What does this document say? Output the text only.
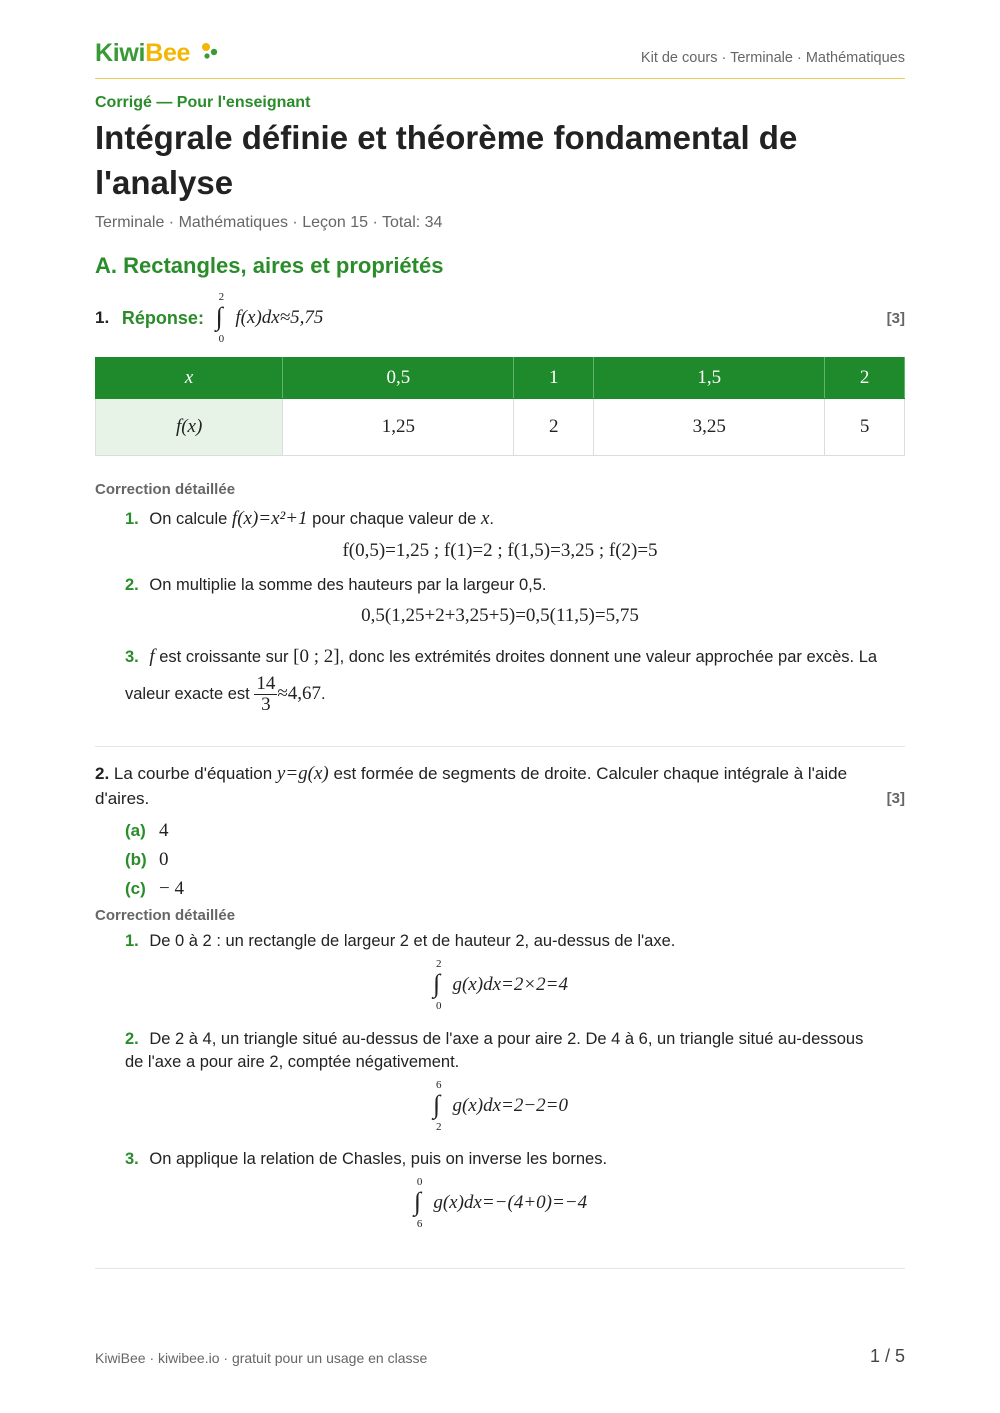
KiwiBee	Kit de cours · Terminale · Mathématiques
Corrigé — Pour l'enseignant
Intégrale définie et théorème fondamental de l'analyse
Terminale · Mathématiques · Leçon 15 · Total: 34
A. Rectangles, aires et propriétés
1. Réponse:
2
∫
0
f(x)dx≈5,75	[3]
x	0,5	1	1,5	2
f(x)	1,25	2	3,25	5
Correction détaillée
1. On calcule f(x)=x²+1 pour chaque valeur de x.
f(0,5)=1,25 ; f(1)=2 ; f(1,5)=3,25 ; f(2)=5
2. On multiplie la somme des hauteurs par la largeur 0,5.
0,5(1,25+2+3,25+5)=0,5(11,5)=5,75
3. f est croissante sur [0 ; 2], donc les extrémités droites donnent une valeur approchée par excès. La valeur exacte est $\frac{14}{3} \approx 4,67$.
2. La courbe d'équation y=g(x) est formée de segments de droite. Calculer chaque intégrale à l'aide d'aires.	[3]
(a) 4
(b) 0
(c) − 4
Correction détaillée
1. De 0 à 2 : un rectangle de largeur 2 et de hauteur 2, au-dessus de l'axe.
2
∫
0
g(x)dx=2×2=4
2. De 2 à 4, un triangle situé au-dessus de l'axe a pour aire 2. De 4 à 6, un triangle situé au-dessous de l'axe a pour aire 2, comptée négativement.
6
∫
2
g(x)dx=2−2=0
3. On applique la relation de Chasles, puis on inverse les bornes.
0
∫
6
g(x)dx=−(4+0)=−4
KiwiBee · kiwibee.io · gratuit pour un usage en classe	1 / 5
